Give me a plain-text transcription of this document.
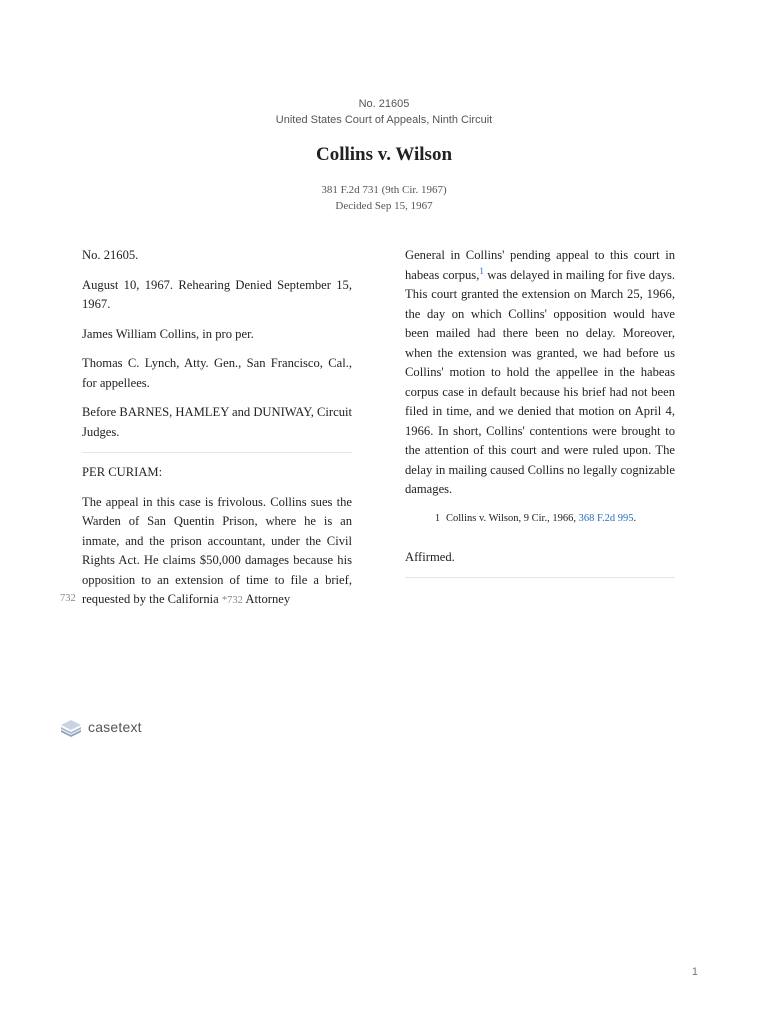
No. 21605
United States Court of Appeals, Ninth Circuit
Collins v. Wilson
381 F.2d 731 (9th Cir. 1967)
Decided Sep 15, 1967
732

No. 21605.

August 10, 1967. Rehearing Denied September 15, 1967.

James William Collins, in pro per.

Thomas C. Lynch, Atty. Gen., San Francisco, Cal., for appellees.

Before BARNES, HAMLEY and DUNIWAY, Circuit Judges.

PER CURIAM:

The appeal in this case is frivolous. Collins sues the Warden of San Quentin Prison, where he is an inmate, and the prison accountant, under the Civil Rights Act. He claims $50,000 damages because his opposition to an extension of time to file a brief, requested by the California *732 Attorney

General in Collins' pending appeal to this court in habeas corpus,$^1$ was delayed in mailing for five days. This court granted the extension on March 25, 1966, the day on which Collins' opposition would have been mailed had there been no delay. Moreover, when the extension was granted, we had before us Collins' motion to hold the appellee in the habeas corpus case in default because his brief had not been filed in time, and we denied that motion on April 4, 1966. In short, Collins' contentions were brought to the attention of this court and were ruled upon. The delay in mailing caused Collins no legally cognizable damages.

1 Collins v. Wilson, 9 Cir., 1966, 368 F.2d 995.

Affirmed.

casetext
1
